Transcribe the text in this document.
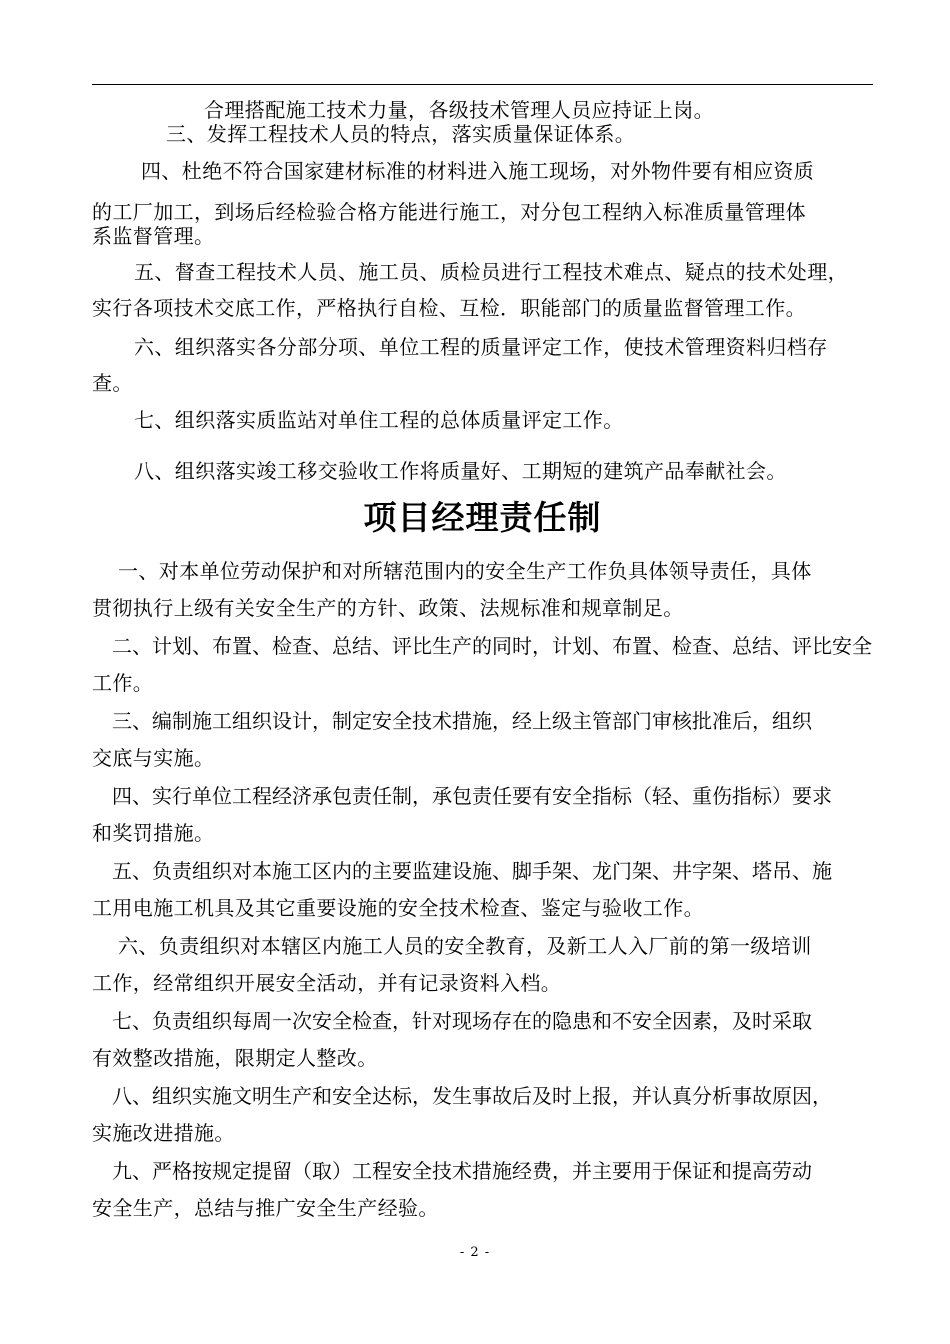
合理搭配施工技术力量，各级技术管理人员应持证上岗。
三、发挥工程技术人员的特点，落实质量保证体系。
四、杜绝不符合国家建材标准的材料进入施工现场，对外物件要有相应资质
的工厂加工，到场后经检验合格方能进行施工，对分包工程纳入标准质量管理体
系监督管理。
五、督查工程技术人员、施工员、质检员进行工程技术难点、疑点的技术处理，
实行各项技术交底工作，严格执行自检、互检．职能部门的质量监督管理工作。
六、组织落实各分部分项、单位工程的质量评定工作，使技术管理资料归档存
查。
七、组织落实质监站对单住工程的总体质量评定工作。
八、组织落实竣工移交验收工作将质量好、工期短的建筑产品奉献社会。
项目经理责任制
一、对本单位劳动保护和对所辖范围内的安全生产工作负具体领导责任，具体
贯彻执行上级有关安全生产的方针、政策、法规标准和规章制足。
二、计划、布置、检查、总结、评比生产的同时，计划、布置、检查、总结、评比安全
工作。
三、编制施工组织设计，制定安全技术措施，经上级主管部门审核批准后，组织
交底与实施。
四、实行单位工程经济承包责任制，承包责任要有安全指标（轻、重伤指标）要求
和奖罚措施。
五、负责组织对本施工区内的主要监建设施、脚手架、龙门架、井字架、塔吊、施
工用电施工机具及其它重要设施的安全技术检查、鉴定与验收工作。
六、负责组织对本辖区内施工人员的安全教育，及新工人入厂前的第一级培训
工作，经常组织开展安全活动，并有记录资料入档。
七、负责组织每周一次安全检查，针对现场存在的隐患和不安全因素，及时采取
有效整改措施，限期定人整改。
八、组织实施文明生产和安全达标，发生事故后及时上报，并认真分析事故原因，
实施改进措施。
九、严格按规定提留（取）工程安全技术措施经费，并主要用于保证和提高劳动
安全生产，总结与推广安全生产经验。
- 2 -
